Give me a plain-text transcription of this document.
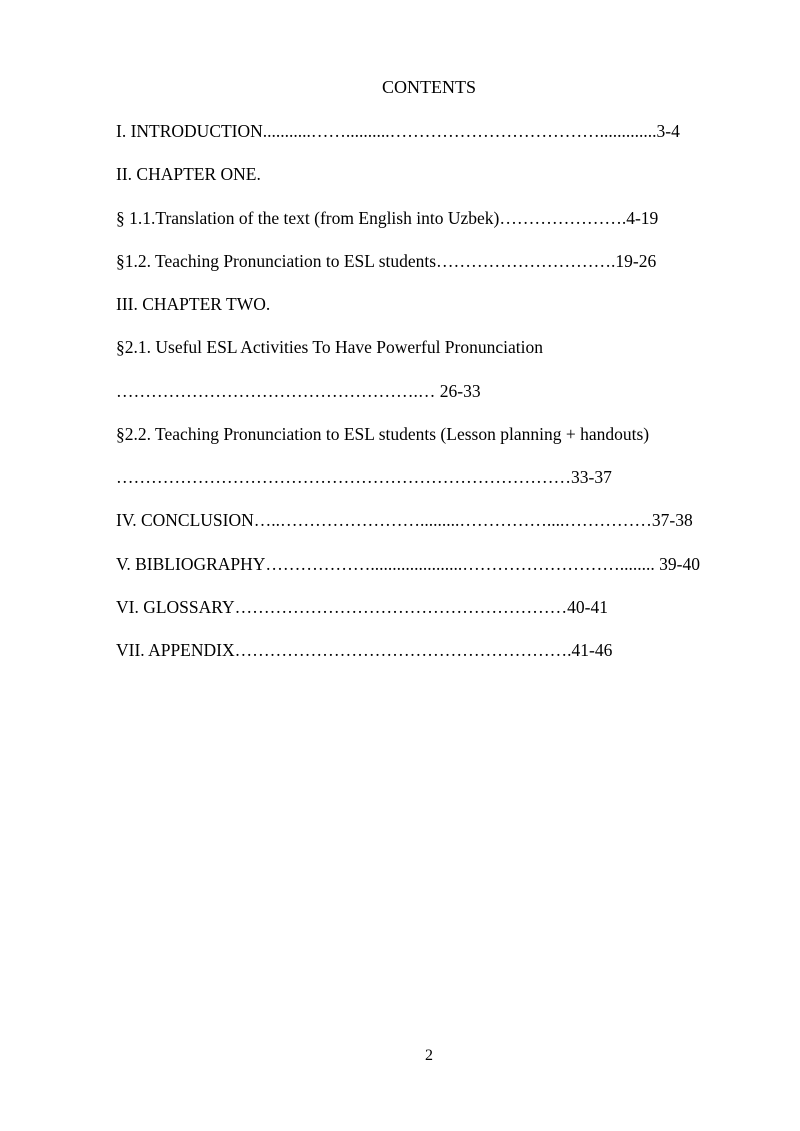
CONTENTS
I. INTRODUCTION...........……..........……………………………….............3-4
II. CHAPTER ONE.
§ 1.1.Translation of the text (from English into Uzbek)………………….4-19
§1.2. Teaching Pronunciation to ESL students………………………….19-26
III. CHAPTER TWO.
§2.1. Useful ESL Activities To Have Powerful Pronunciation
…………………………………………….… 26-33
§2.2. Teaching Pronunciation to ESL students (Lesson planning + handouts)
……………………………………………………………………33-37
IV. CONCLUSION…..…………………….........……………....……………37-38
V. BIBLIOGRAPHY……………….....................………………………........ 39-40
VI. GLOSSARY…………………………………………………40-41
VII. APPENDIX………………………………………………….41-46
2
